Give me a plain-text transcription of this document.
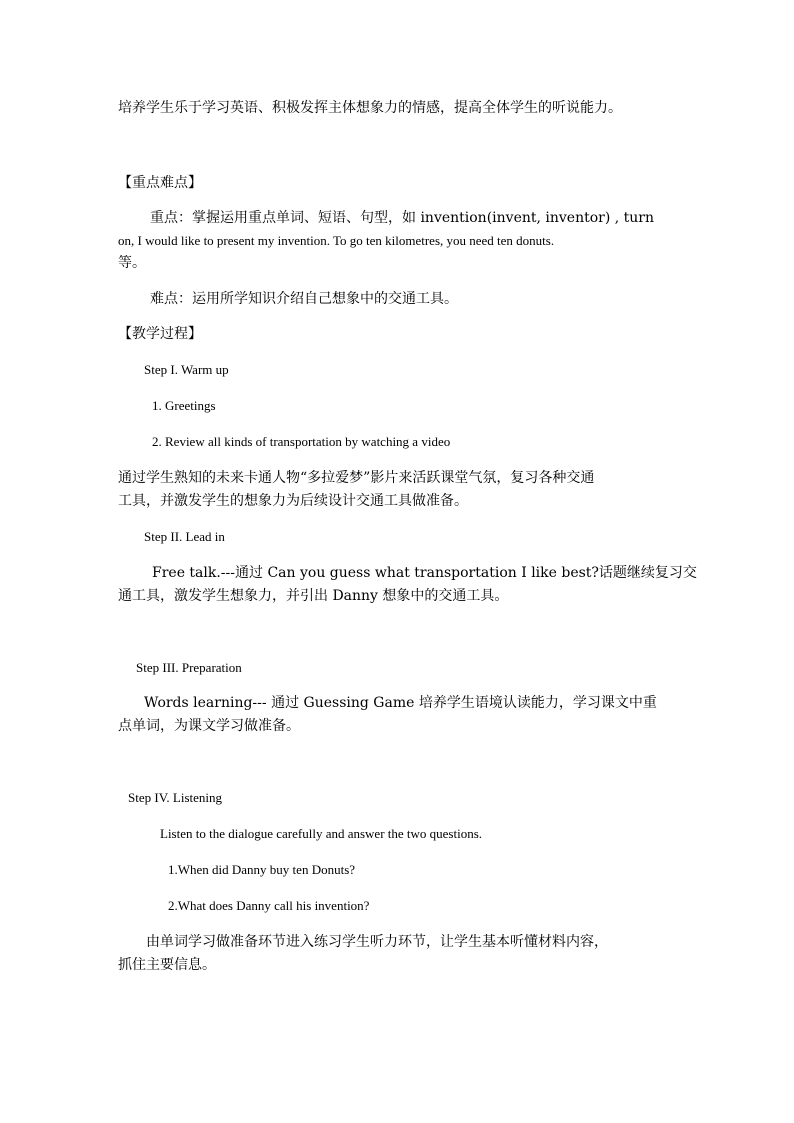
培养学生乐于学习英语、积极发挥主体想象力的情感，提高全体学生的听说能力。
【重点难点】
重点：掌握运用重点单词、短语、句型，如 invention(invent, inventor) , turn
on, I would like to present my invention. To go ten kilometres, you need ten donuts.
等。
难点：运用所学知识介绍自己想象中的交通工具。
【教学过程】
Step I. Warm up
1. Greetings
2. Review all kinds of transportation by watching a video
通过学生熟知的未来卡通人物“多拉爱梦”影片来活跃课堂气氛，复习各种交通
工具，并激发学生的想象力为后续设计交通工具做准备。
Step II. Lead in
Free talk.---通过 Can you guess what transportation I like best?话题继续复习交
通工具，激发学生想象力，并引出 Danny 想象中的交通工具。
Step III. Preparation
Words learning--- 通过 Guessing Game 培养学生语境认读能力，学习课文中重
点单词，为课文学习做准备。
Step IV. Listening
Listen to the dialogue carefully and answer the two questions.
1.When did Danny buy ten Donuts?
2.What does Danny call his invention?
由单词学习做准备环节进入练习学生听力环节，让学生基本听懂材料内容，
抓住主要信息。
